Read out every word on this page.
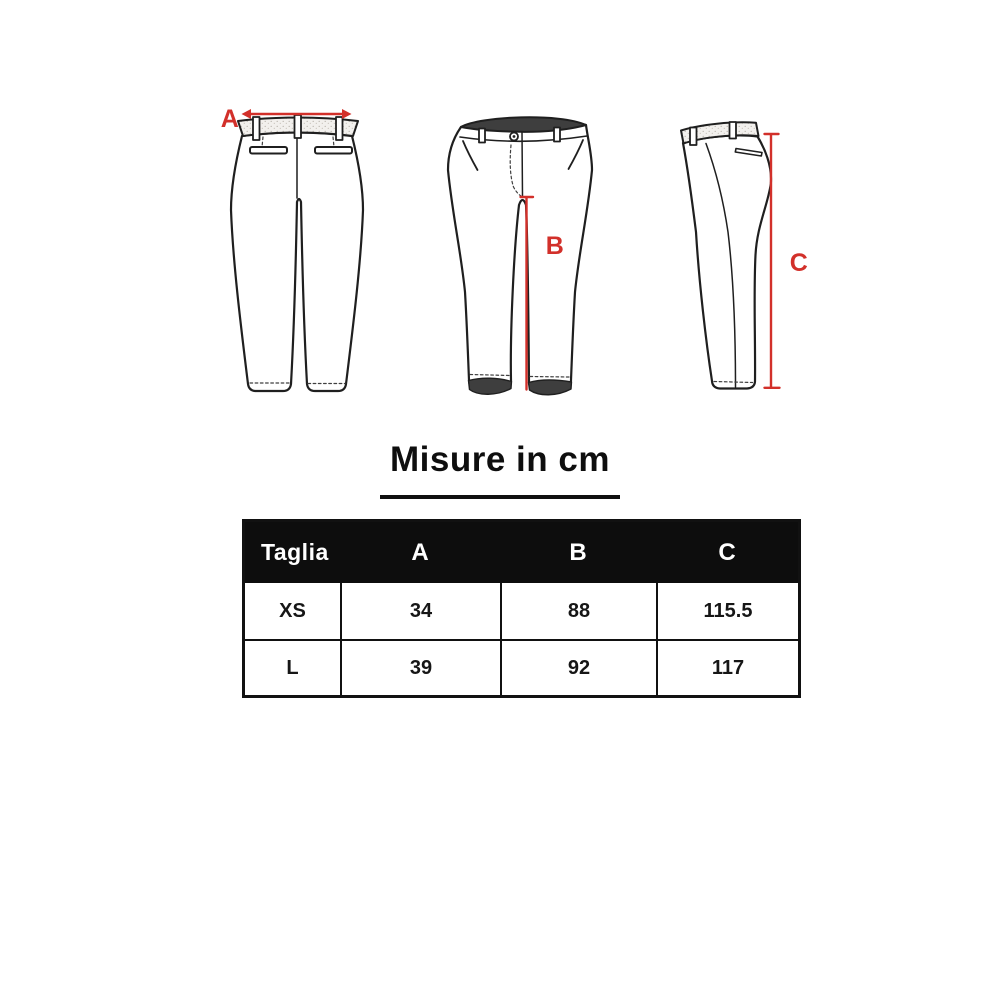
A
B
C
Misure in cm
Taglia	A	B	C
XS	34	88	115.5
L	39	92	117
